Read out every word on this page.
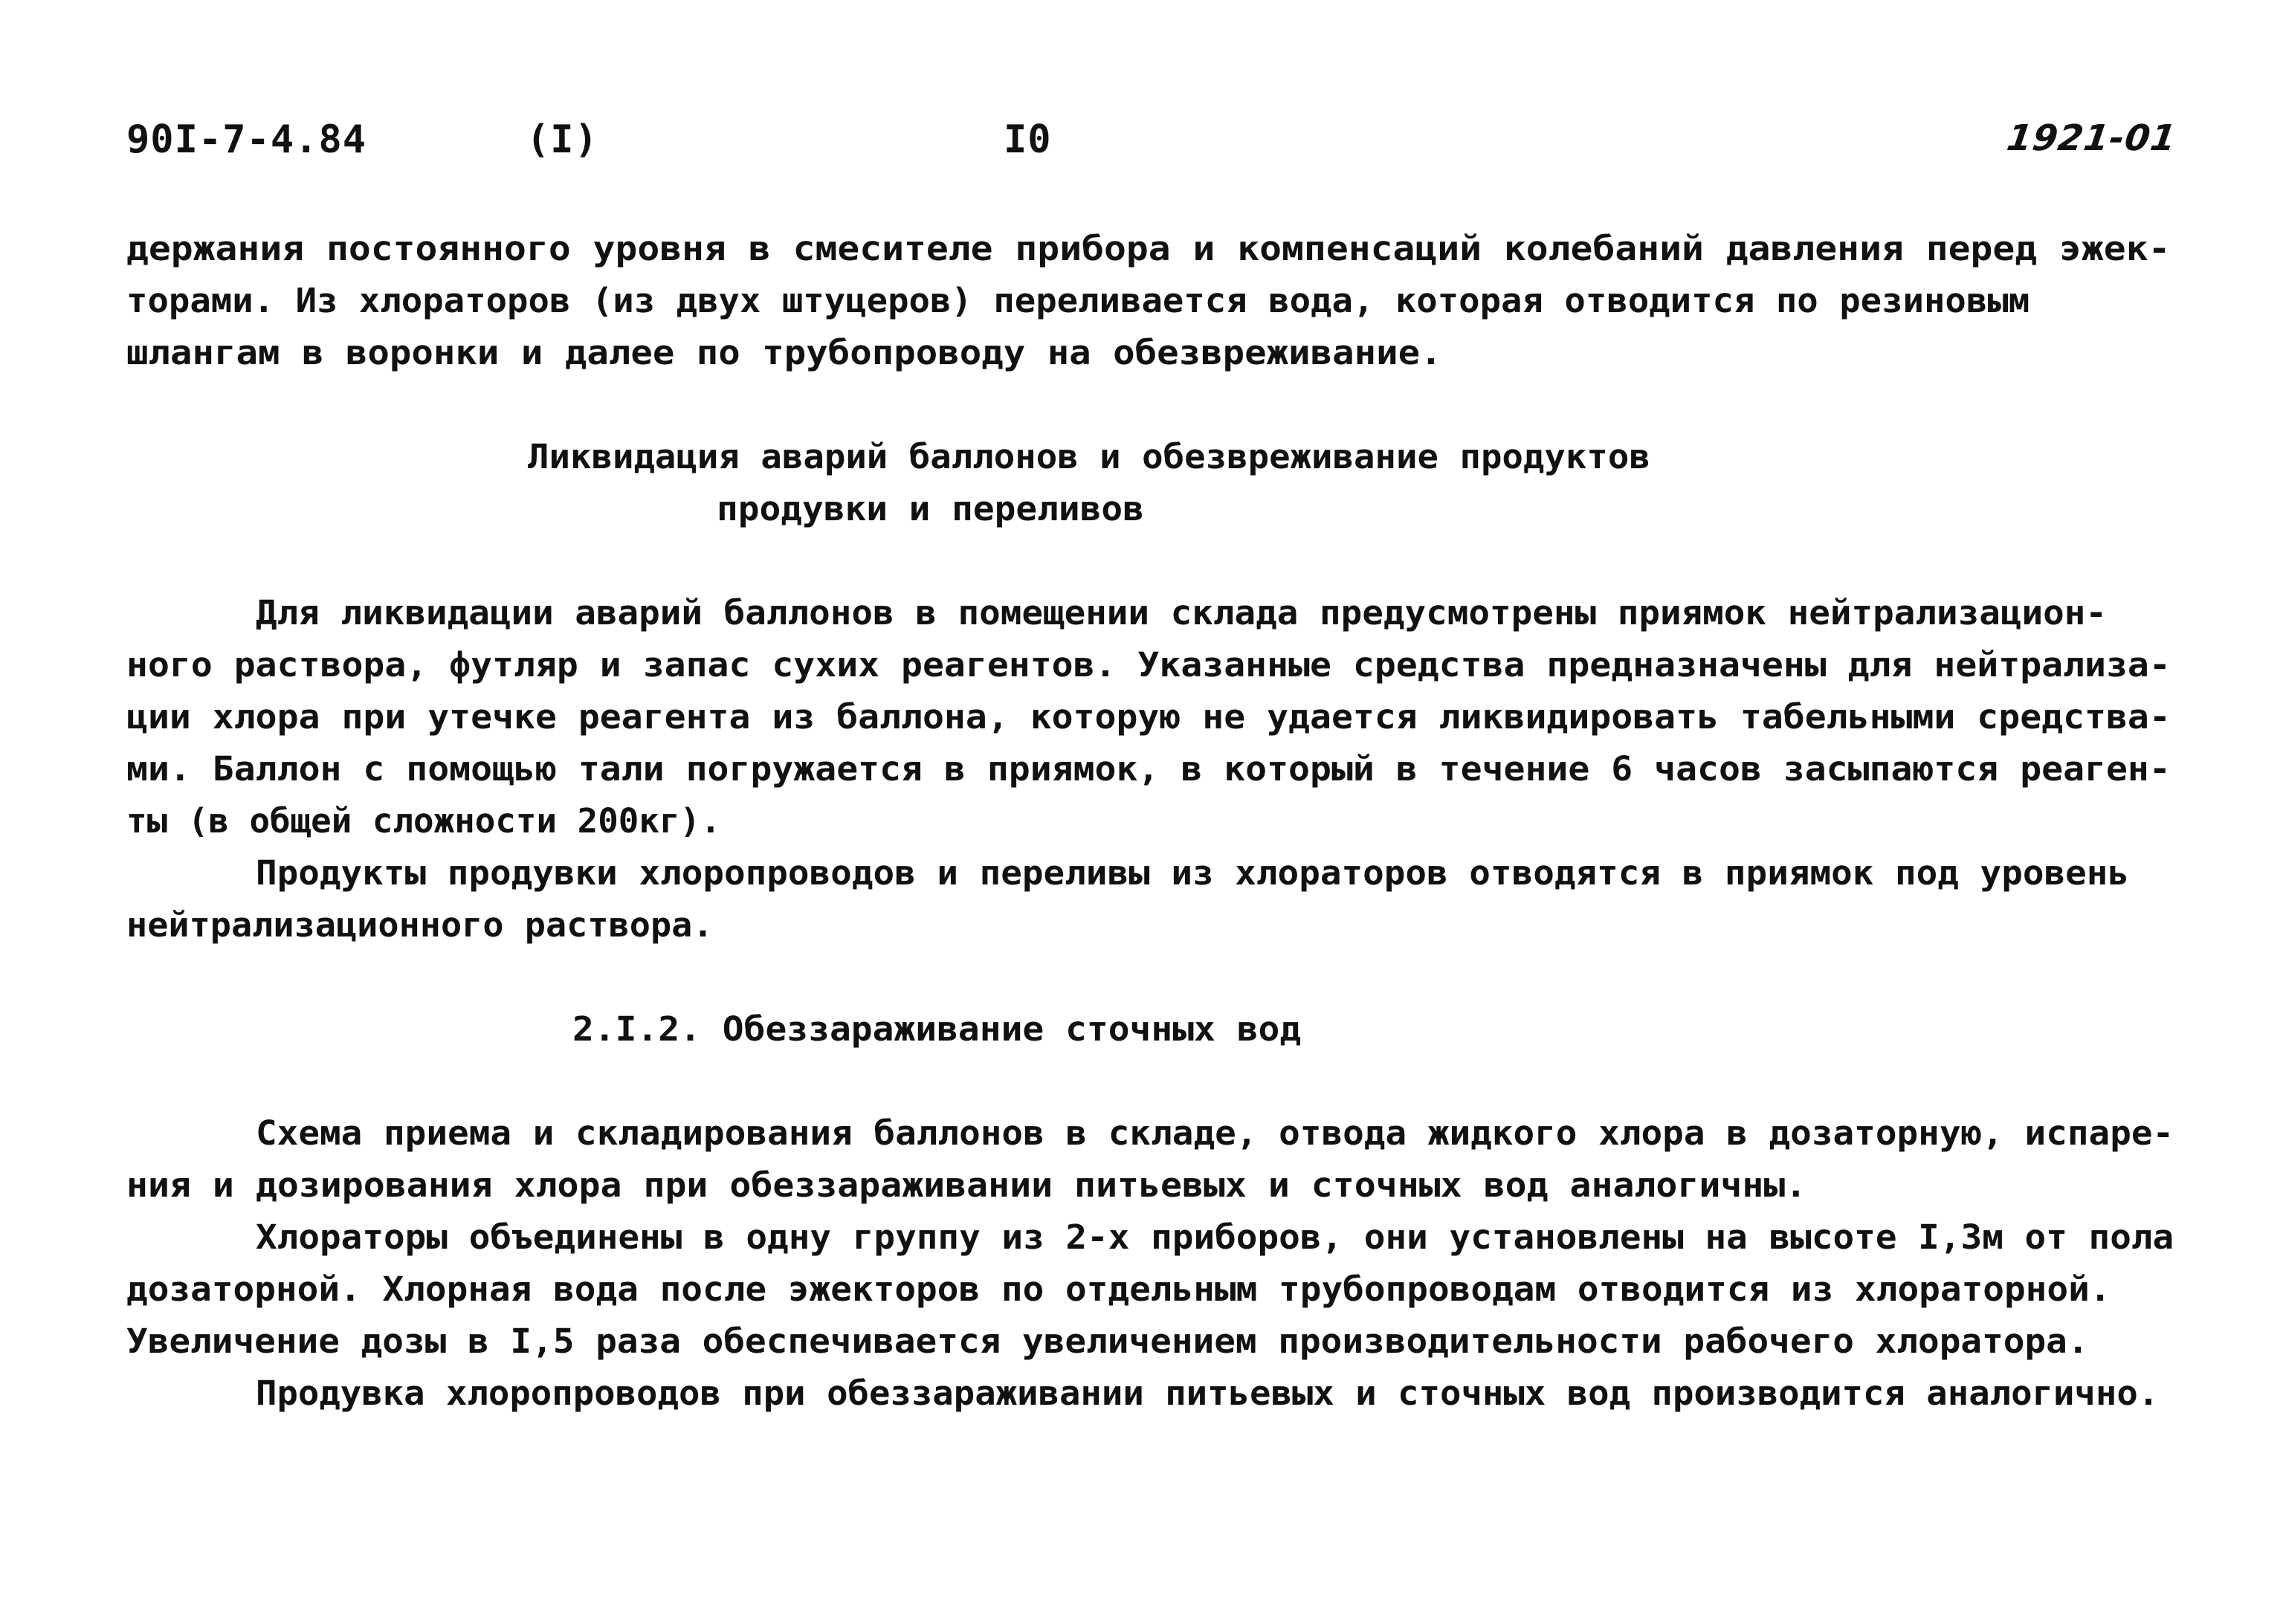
90I-7-4.84	(I)	I0	1921-01
держания постоянного уровня в смесителе прибора и компенсаций колебаний давления перед эжек-
торами. Из хлораторов (из двух штуцеров) переливается вода, которая отводится по резиновым
шлангам в воронки и далее по трубопроводу на обезвреживание.
Ликвидация аварий баллонов и обезвреживание продуктов
продувки и переливов
Для ликвидации аварий баллонов в помещении склада предусмотрены приямок нейтрализацион-
ного раствора, футляр и запас сухих реагентов. Указанные средства предназначены для нейтрализа-
ции хлора при утечке реагента из баллона, которую не удается ликвидировать табельными средства-
ми. Баллон с помощью тали погружается в приямок, в который в течение 6 часов засыпаются реаген-
ты (в общей сложности 200кг).
Продукты продувки хлоропроводов и переливы из хлораторов отводятся в приямок под уровень
нейтрализационного раствора.
2.I.2. Обеззараживание сточных вод
Схема приема и складирования баллонов в складе, отвода жидкого хлора в дозаторную, испаре-
ния и дозирования хлора при обеззараживании питьевых и сточных вод аналогичны.
Хлораторы объединены в одну группу из 2-х приборов, они установлены на высоте I,3м от пола
дозаторной. Хлорная вода после эжекторов по отдельным трубопроводам отводится из хлораторной.
Увеличение дозы в I,5 раза обеспечивается увеличением производительности рабочего хлоратора.
Продувка хлоропроводов при обеззараживании питьевых и сточных вод производится аналогично.
